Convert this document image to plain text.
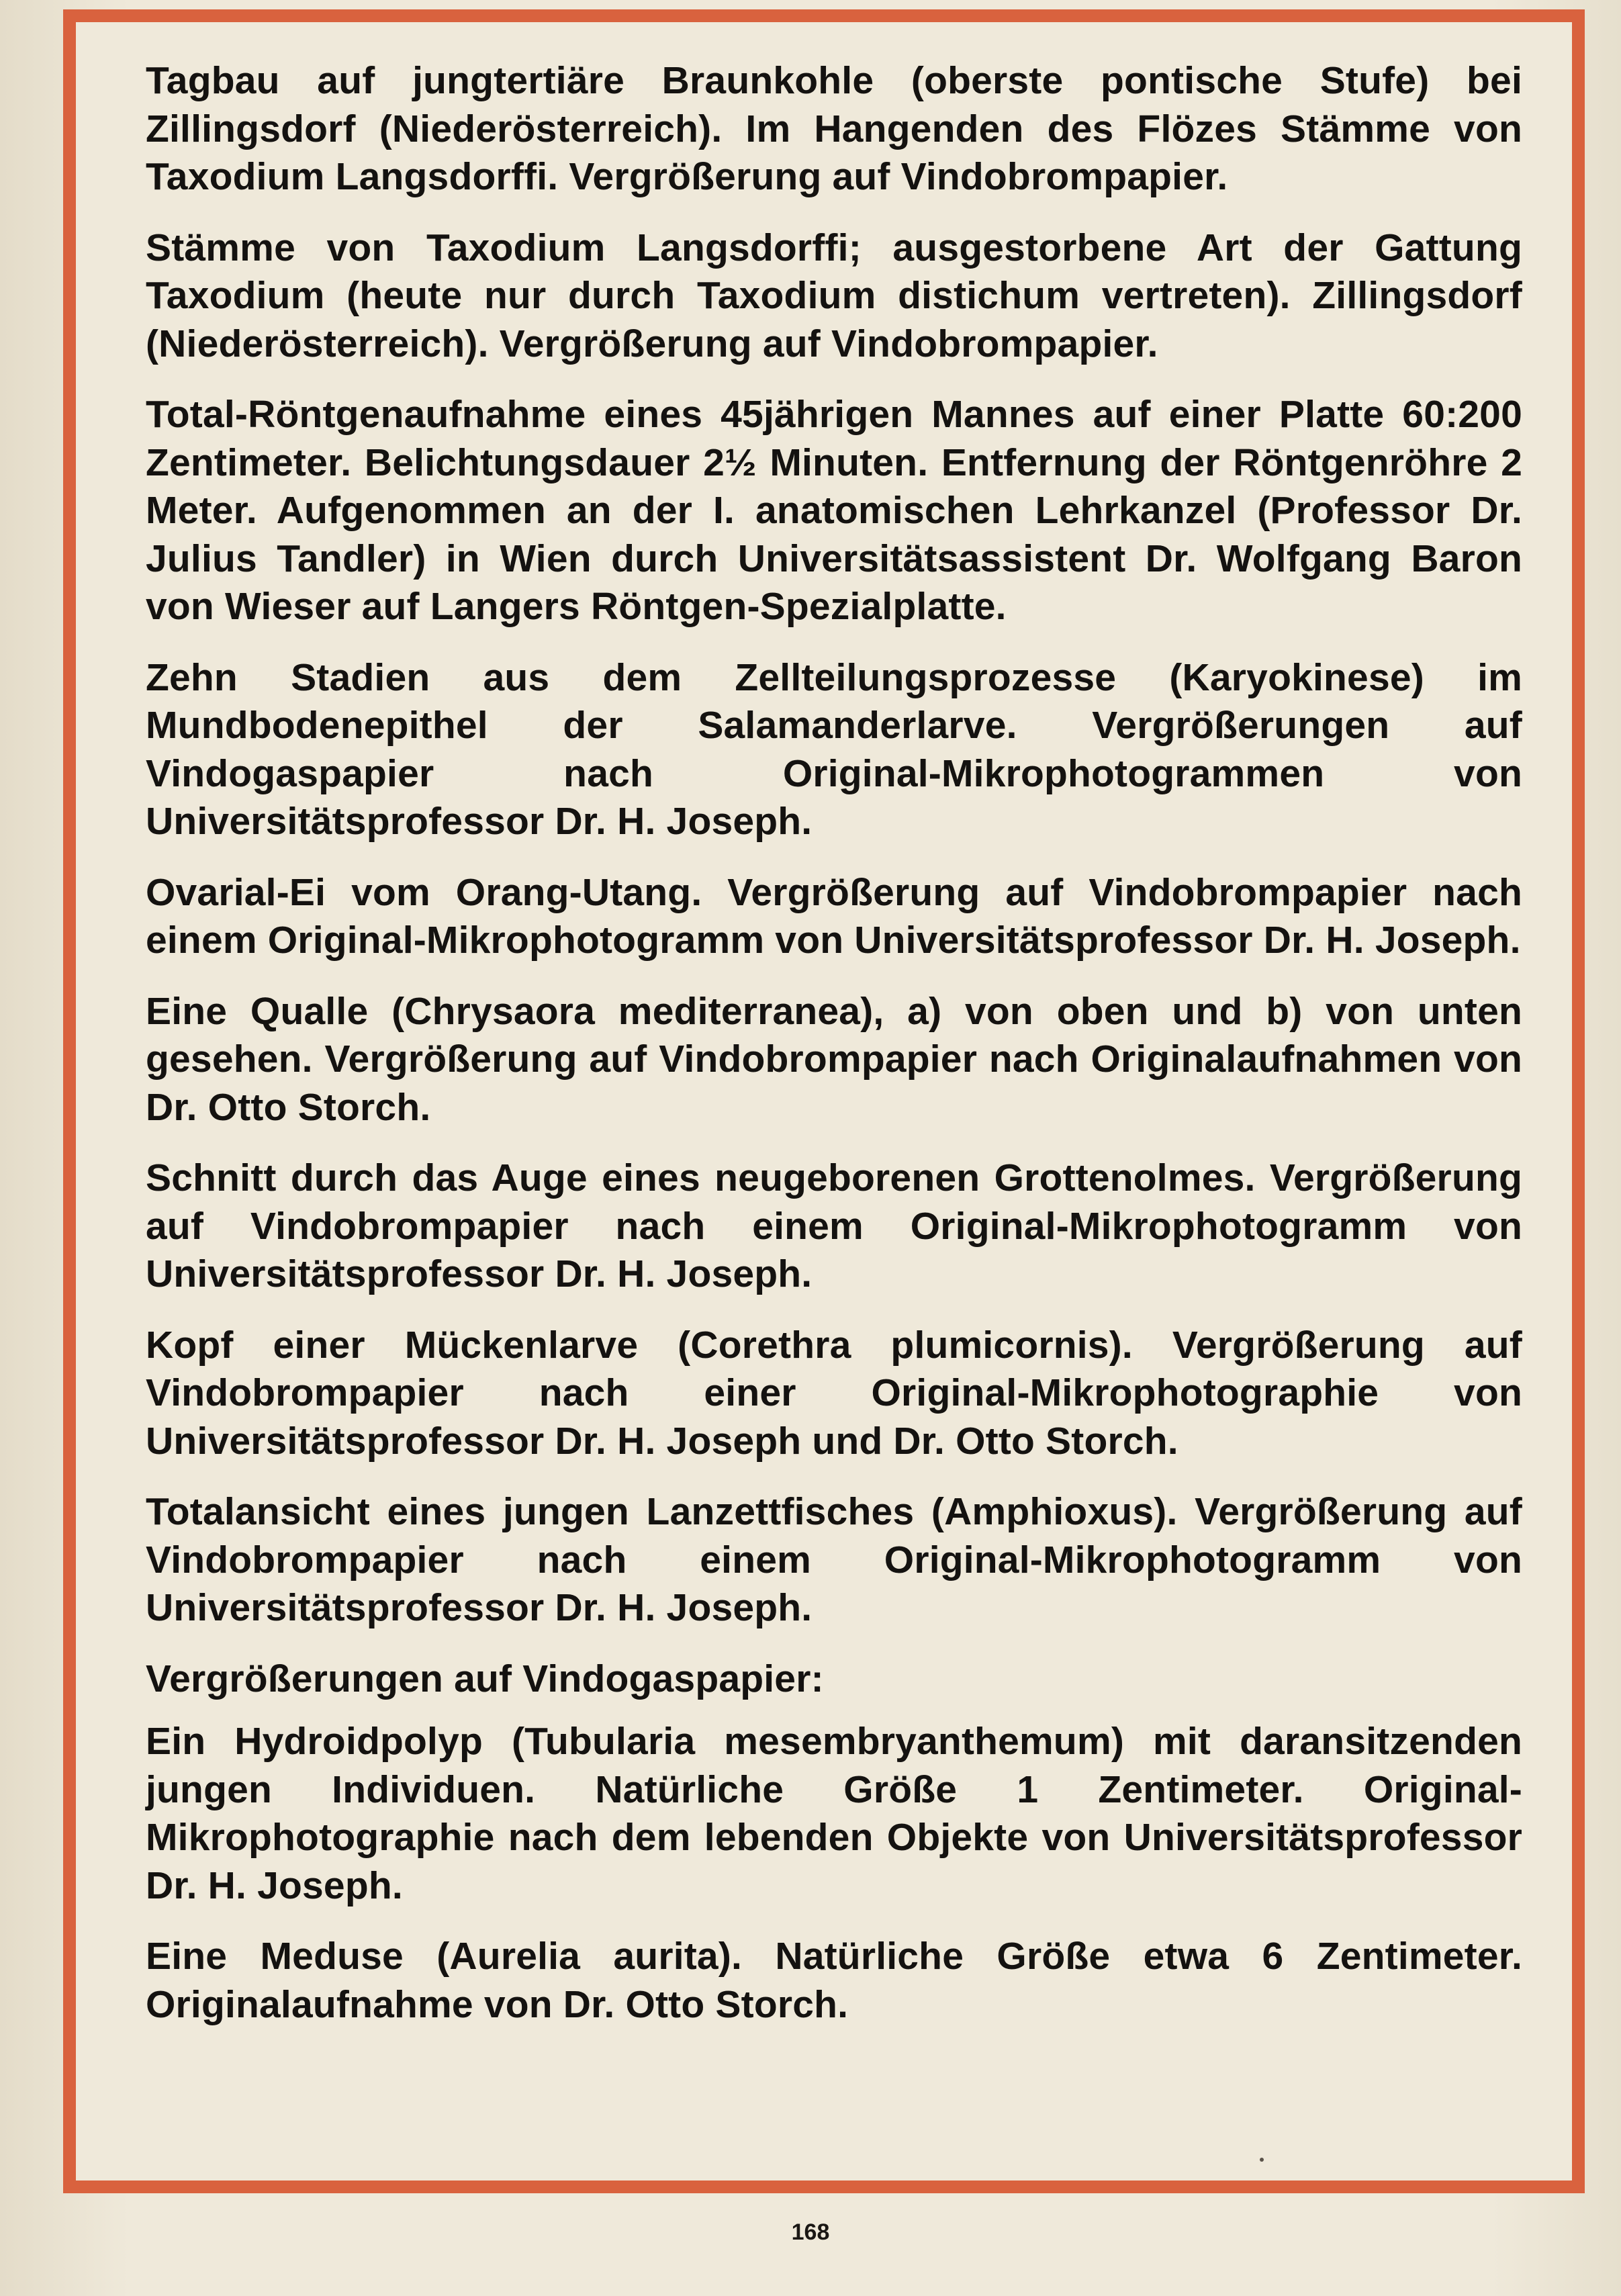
Tagbau auf jungtertiäre Braunkohle (oberste pontische Stufe) bei Zillingsdorf (Niederösterreich). Im Hangenden des Flözes Stämme von Taxodium Langsdorffi. Vergrößerung auf Vindobrompapier.

Stämme von Taxodium Langsdorffi; ausgestorbene Art der Gattung Taxodium (heute nur durch Taxodium distichum vertreten). Zillingsdorf (Niederösterreich). Vergrößerung auf Vindobrompapier.

Total-Röntgenaufnahme eines 45jährigen Mannes auf einer Platte 60:200 Zentimeter. Belichtungsdauer 2½ Minuten. Entfernung der Röntgenröhre 2 Meter. Aufgenommen an der I. anatomischen Lehrkanzel (Professor Dr. Julius Tandler) in Wien durch Universitätsassistent Dr. Wolfgang Baron von Wieser auf Langers Röntgen-Spezialplatte.

Zehn Stadien aus dem Zellteilungsprozesse (Karyokinese) im Mundbodenepithel der Salamanderlarve. Vergrößerungen auf Vindogaspapier nach Original-Mikrophotogrammen von Universitätsprofessor Dr. H. Joseph.

Ovarial-Ei vom Orang-Utang. Vergrößerung auf Vindobrompapier nach einem Original-Mikrophotogramm von Universitätsprofessor Dr. H. Joseph.

Eine Qualle (Chrysaora mediterranea), a) von oben und b) von unten gesehen. Vergrößerung auf Vindobrompapier nach Originalaufnahmen von Dr. Otto Storch.

Schnitt durch das Auge eines neugeborenen Grottenolmes. Vergrößerung auf Vindobrompapier nach einem Original-Mikrophotogramm von Universitätsprofessor Dr. H. Joseph.

Kopf einer Mückenlarve (Corethra plumicornis). Vergrößerung auf Vindobrompapier nach einer Original-Mikrophotographie von Universitätsprofessor Dr. H. Joseph und Dr. Otto Storch.

Totalansicht eines jungen Lanzettfisches (Amphioxus). Vergrößerung auf Vindobrompapier nach einem Original-Mikrophotogramm von Universitätsprofessor Dr. H. Joseph.

Vergrößerungen auf Vindogaspapier:

Ein Hydroidpolyp (Tubularia mesembryanthemum) mit daransitzenden jungen Individuen. Natürliche Größe 1 Zentimeter. Original-Mikrophotographie nach dem lebenden Objekte von Universitätsprofessor Dr. H. Joseph.

Eine Meduse (Aurelia aurita). Natürliche Größe etwa 6 Zentimeter. Originalaufnahme von Dr. Otto Storch.

168
